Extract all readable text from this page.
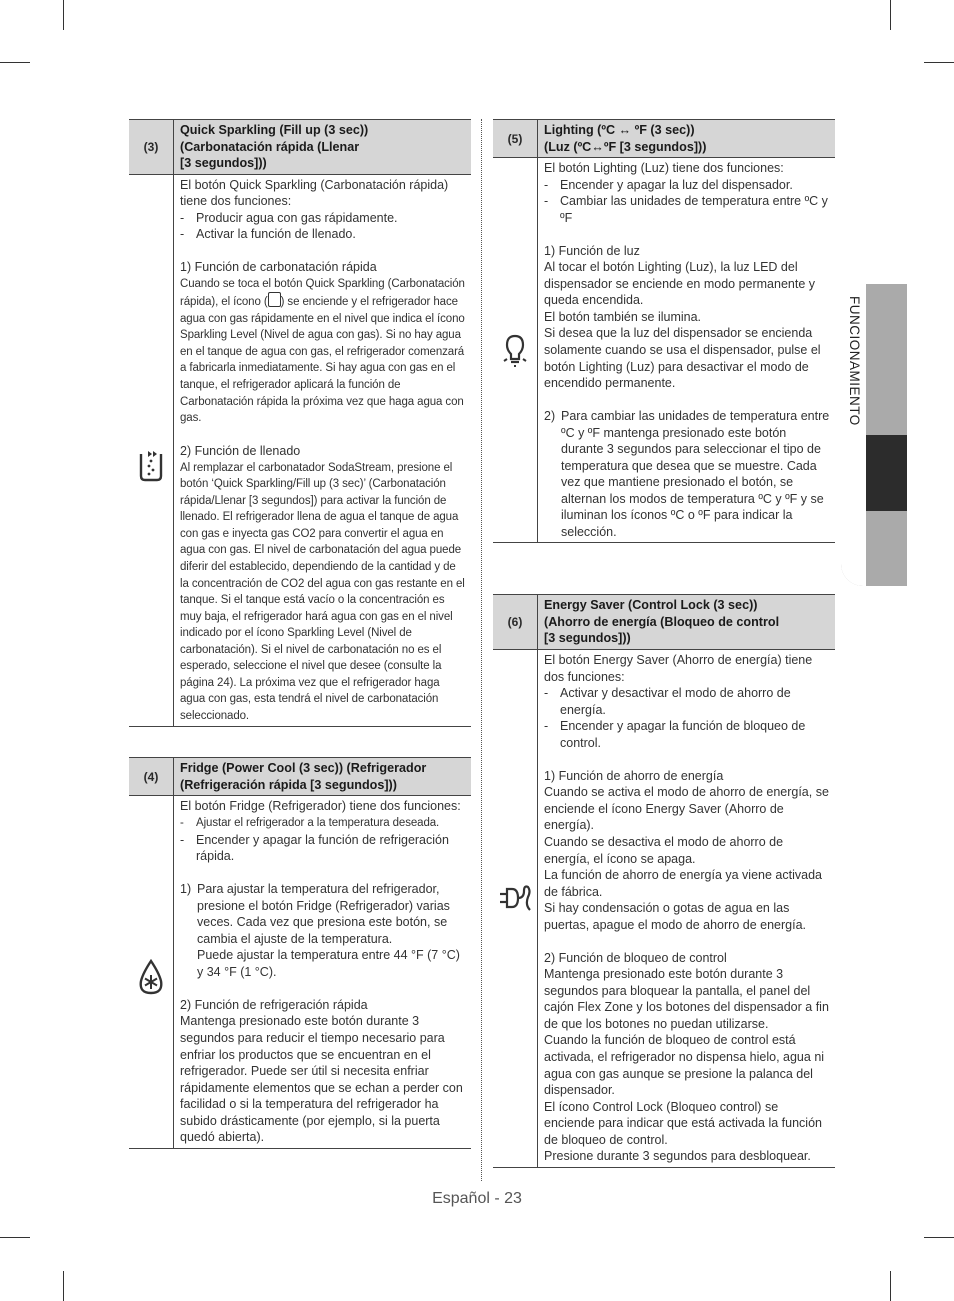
(3)
Quick Sparkling (Fill up (3 sec))
(Carbonatación rápida (Llenar
[3 segundos]))

El botón Quick Sparkling (Carbonatación rápida) tiene dos funciones:

- Producir agua con gas rápidamente.
- Activar la función de llenado.

1) Función de carbonatación rápida

Cuando se toca el botón Quick Sparkling (Carbonatación rápida), el ícono ( ) se enciende y el refrigerador hace agua con gas rápidamente en el nivel que indica el ícono Sparkling Level (Nivel de agua con gas). Si no hay agua en el tanque de agua con gas, el refrigerador comenzará a fabricarla inmediatamente. Si hay agua con gas en el tanque, el refrigerador aplicará la función de Carbonatación rápida la próxima vez que haga agua con gas.

2) Función de llenado

Al remplazar el carbonatador SodaStream, presione el botón ‘Quick Sparkling/Fill up (3 sec)’ (Carbonatación rápida/Llenar [3 segundos]) para activar la función de llenado. El refrigerador llena de agua el tanque de agua con gas e inyecta gas CO2 para convertir el agua en agua con gas. El nivel de carbonatación del agua puede diferir del establecido, dependiendo de la cantidad y de la concentración de CO2 del agua con gas restante en el tanque. Si el tanque está vacío o la concentración es muy baja, el refrigerador hará agua con gas en el nivel indicado por el ícono Sparkling Level (Nivel de carbonatación). Si el nivel de carbonatación no es el esperado, seleccione el nivel que desee (consulte la página 24). La próxima vez que el refrigerador haga agua con gas, esta tendrá el nivel de carbonatación seleccionado.

(4)
Fridge (Power Cool (3 sec)) (Refrigerador
(Refrigeración rápida [3 segundos]))

El botón Fridge (Refrigerador) tiene dos funciones:

-	Ajustar el refrigerador a la temperatura deseada.
- Encender y apagar la función de refrigeración rápida.
1) Para ajustar la temperatura del refrigerador, presione el botón Fridge (Refrigerador) varias veces. Cada vez que presiona este botón, se cambia el ajuste de la temperatura.

Puede ajustar la temperatura entre 44 °F (7 °C) y 34 °F (1 °C).

2) Función de refrigeración rápida

Mantenga presionado este botón durante 3 segundos para reducir el tiempo necesario para enfriar los productos que se encuentran en el refrigerador. Puede ser útil si necesita enfriar rápidamente elementos que se echan a perder con facilidad o si la temperatura del refrigerador ha subido drásticamente (por ejemplo, si la puerta quedó abierta).

(5)
Lighting (ºC ↔ ºF (3 sec))
(Luz (ºC↔ºF [3 segundos]))

El botón Lighting (Luz) tiene dos funciones:

- Encender y apagar la luz del dispensador.
- Cambiar las unidades de temperatura entre ºC y ºF

1) Función de luz

Al tocar el botón Lighting (Luz), la luz LED del dispensador se enciende en modo permanente y queda encendida.

El botón también se ilumina.

Si desea que la luz del dispensador se encienda solamente cuando se usa el dispensador, pulse el botón Lighting (Luz) para desactivar el modo de encendido permanente.

2) Para cambiar las unidades de temperatura entre ºC y ºF mantenga presionado este botón durante 3 segundos para seleccionar el tipo de temperatura que desea que se muestre. Cada vez que mantiene presionado el botón, se alternan los modos de temperatura ºC y ºF y se iluminan los íconos ºC o ºF para indicar la selección.

(6)
Energy Saver (Control Lock (3 sec))
(Ahorro de energía (Bloqueo de control
[3 segundos]))

El botón Energy Saver (Ahorro de energía) tiene dos funciones:

- Activar y desactivar el modo de ahorro de energía.
- Encender y apagar la función de bloqueo de control.

1) Función de ahorro de energía

Cuando se activa el modo de ahorro de energía, se enciende el ícono Energy Saver (Ahorro de energía).

Cuando se desactiva el modo de ahorro de energía, el ícono se apaga.

La función de ahorro de energía ya viene activada de fábrica.

Si hay condensación o gotas de agua en las puertas, apague el modo de ahorro de energía.

2) Función de bloqueo de control

Mantenga presionado este botón durante 3 segundos para bloquear la pantalla, el panel del cajón Flex Zone y los botones del dispensador a fin de que los botones no puedan utilizarse.

Cuando la función de bloqueo de control está activada, el refrigerador no dispensa hielo, agua ni agua con gas aunque se presione la palanca del dispensador.

El ícono Control Lock (Bloqueo control) se enciende para indicar que está activada la función de bloqueo de control.

Presione durante 3 segundos para desbloquear.

FUNCIONAMIENTO
Español - 23
